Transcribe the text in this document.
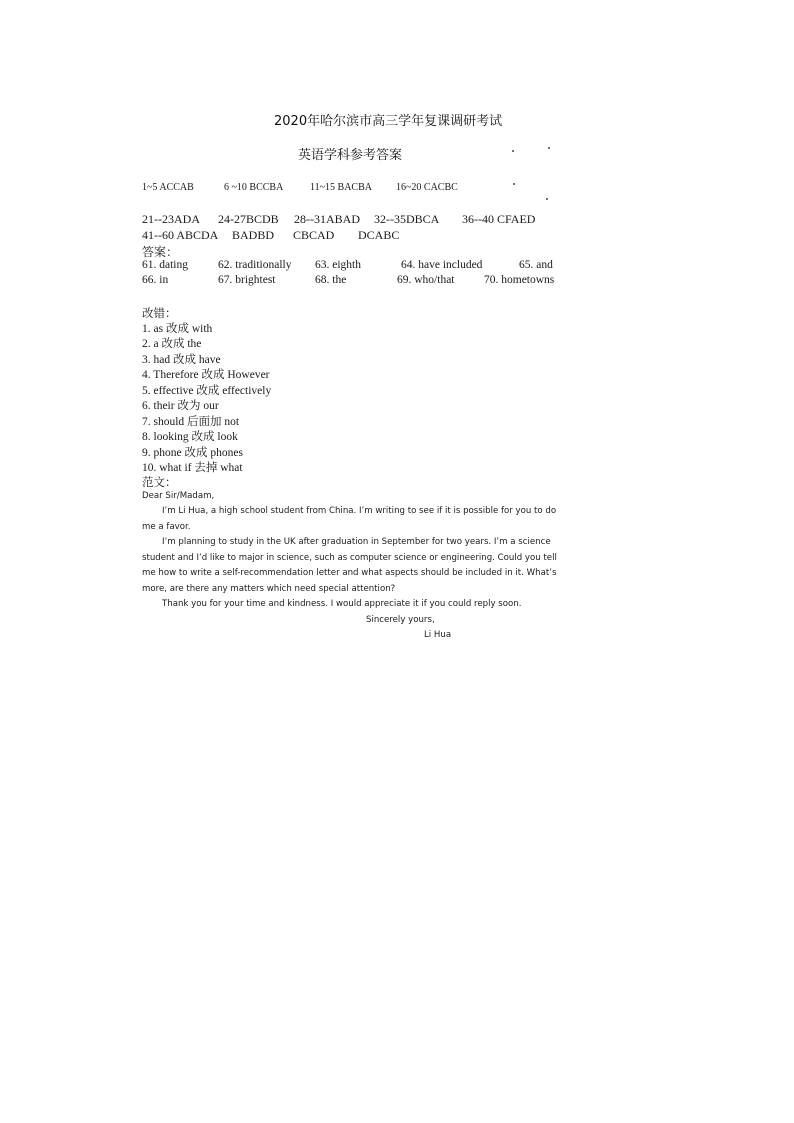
2020年哈尔滨市高三学年复课调研考试
英语学科参考答案
1~5 ACCAB	6 ~10 BCCBA	11~15 BACBA 16~20 CACBC
21--23ADA 24-27BCDB 28--31ABAD 32--35DBCA 36--40 CFAED
41--60 ABCDA BADBD CBCAD DCABC
答案：
61. dating	62. traditionally 63. eighth	64. have included	65. and
66. in	67. brightest	68. the	69. who/that	70. hometowns
改错：
1. as 改成 with
2. a 改成 the
3. had 改成 have
4. Therefore 改成 However
5. effective 改成 effectively
6. their 改为 our
7. should 后面加 not
8. looking 改成 look
9. phone 改成 phones
10. what if 去掉 what
范文：
Dear Sir/Madam,
I’m Li Hua, a high school student from China. I’m writing to see if it is possible for you to do
me a favor.
I’m planning to study in the UK after graduation in September for two years. I’m a science
student and I’d like to major in science, such as computer science or engineering. Could you tell
me how to write a self-recommendation letter and what aspects should be included in it. What’s
more, are there any matters which need special attention?
Thank you for your time and kindness. I would appreciate it if you could reply soon.
Sincerely yours,
Li Hua
